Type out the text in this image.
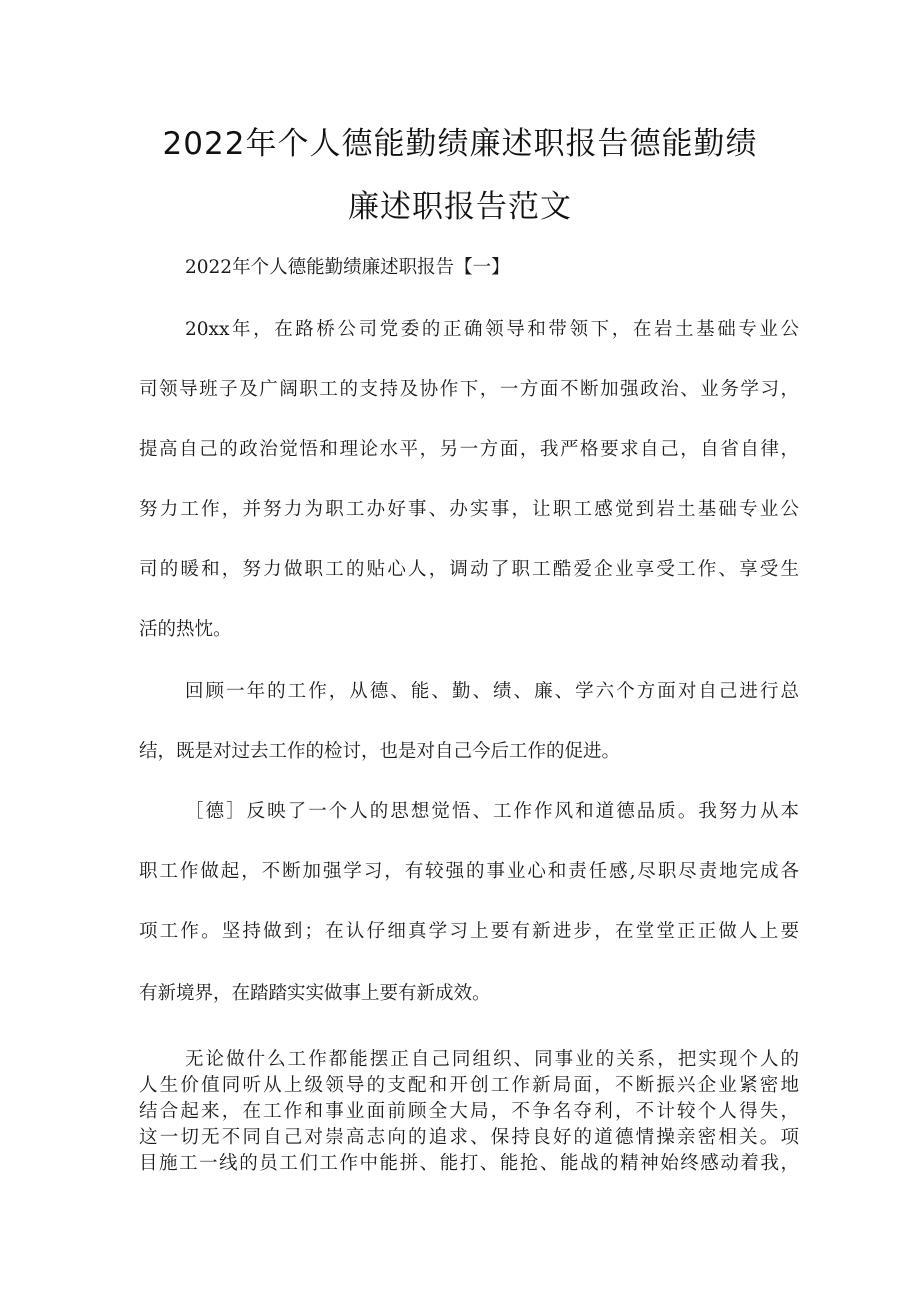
2022年个人德能勤绩廉述职报告德能勤绩
廉述职报告范文

2022年个人德能勤绩廉述职报告【一】

20xx年，在路桥公司党委的正确领导和带领下，在岩土基础专业公

司领导班子及广阔职工的支持及协作下，一方面不断加强政治、业务学习，

提高自己的政治觉悟和理论水平，另一方面，我严格要求自己，自省自律，

努力工作，并努力为职工办好事、办实事，让职工感觉到岩土基础专业公

司的暖和，努力做职工的贴心人，调动了职工酷爱企业享受工作、享受生

活的热忱。

回顾一年的工作，从德、能、勤、绩、廉、学六个方面对自己进行总

结，既是对过去工作的检讨，也是对自己今后工作的促进。

［德］反映了一个人的思想觉悟、工作作风和道德品质。我努力从本

职工作做起，不断加强学习，有较强的事业心和责任感,尽职尽责地完成各

项工作。坚持做到；在认仔细真学习上要有新进步，在堂堂正正做人上要

有新境界，在踏踏实实做事上要有新成效。

无论做什么工作都能摆正自己同组织、同事业的关系，把实现个人的

人生价值同听从上级领导的支配和开创工作新局面，不断振兴企业紧密地

结合起来，在工作和事业面前顾全大局，不争名夺利，不计较个人得失，

这一切无不同自己对崇高志向的追求、保持良好的道德情操亲密相关。项

目施工一线的员工们工作中能拼、能打、能抢、能战的精神始终感动着我，
